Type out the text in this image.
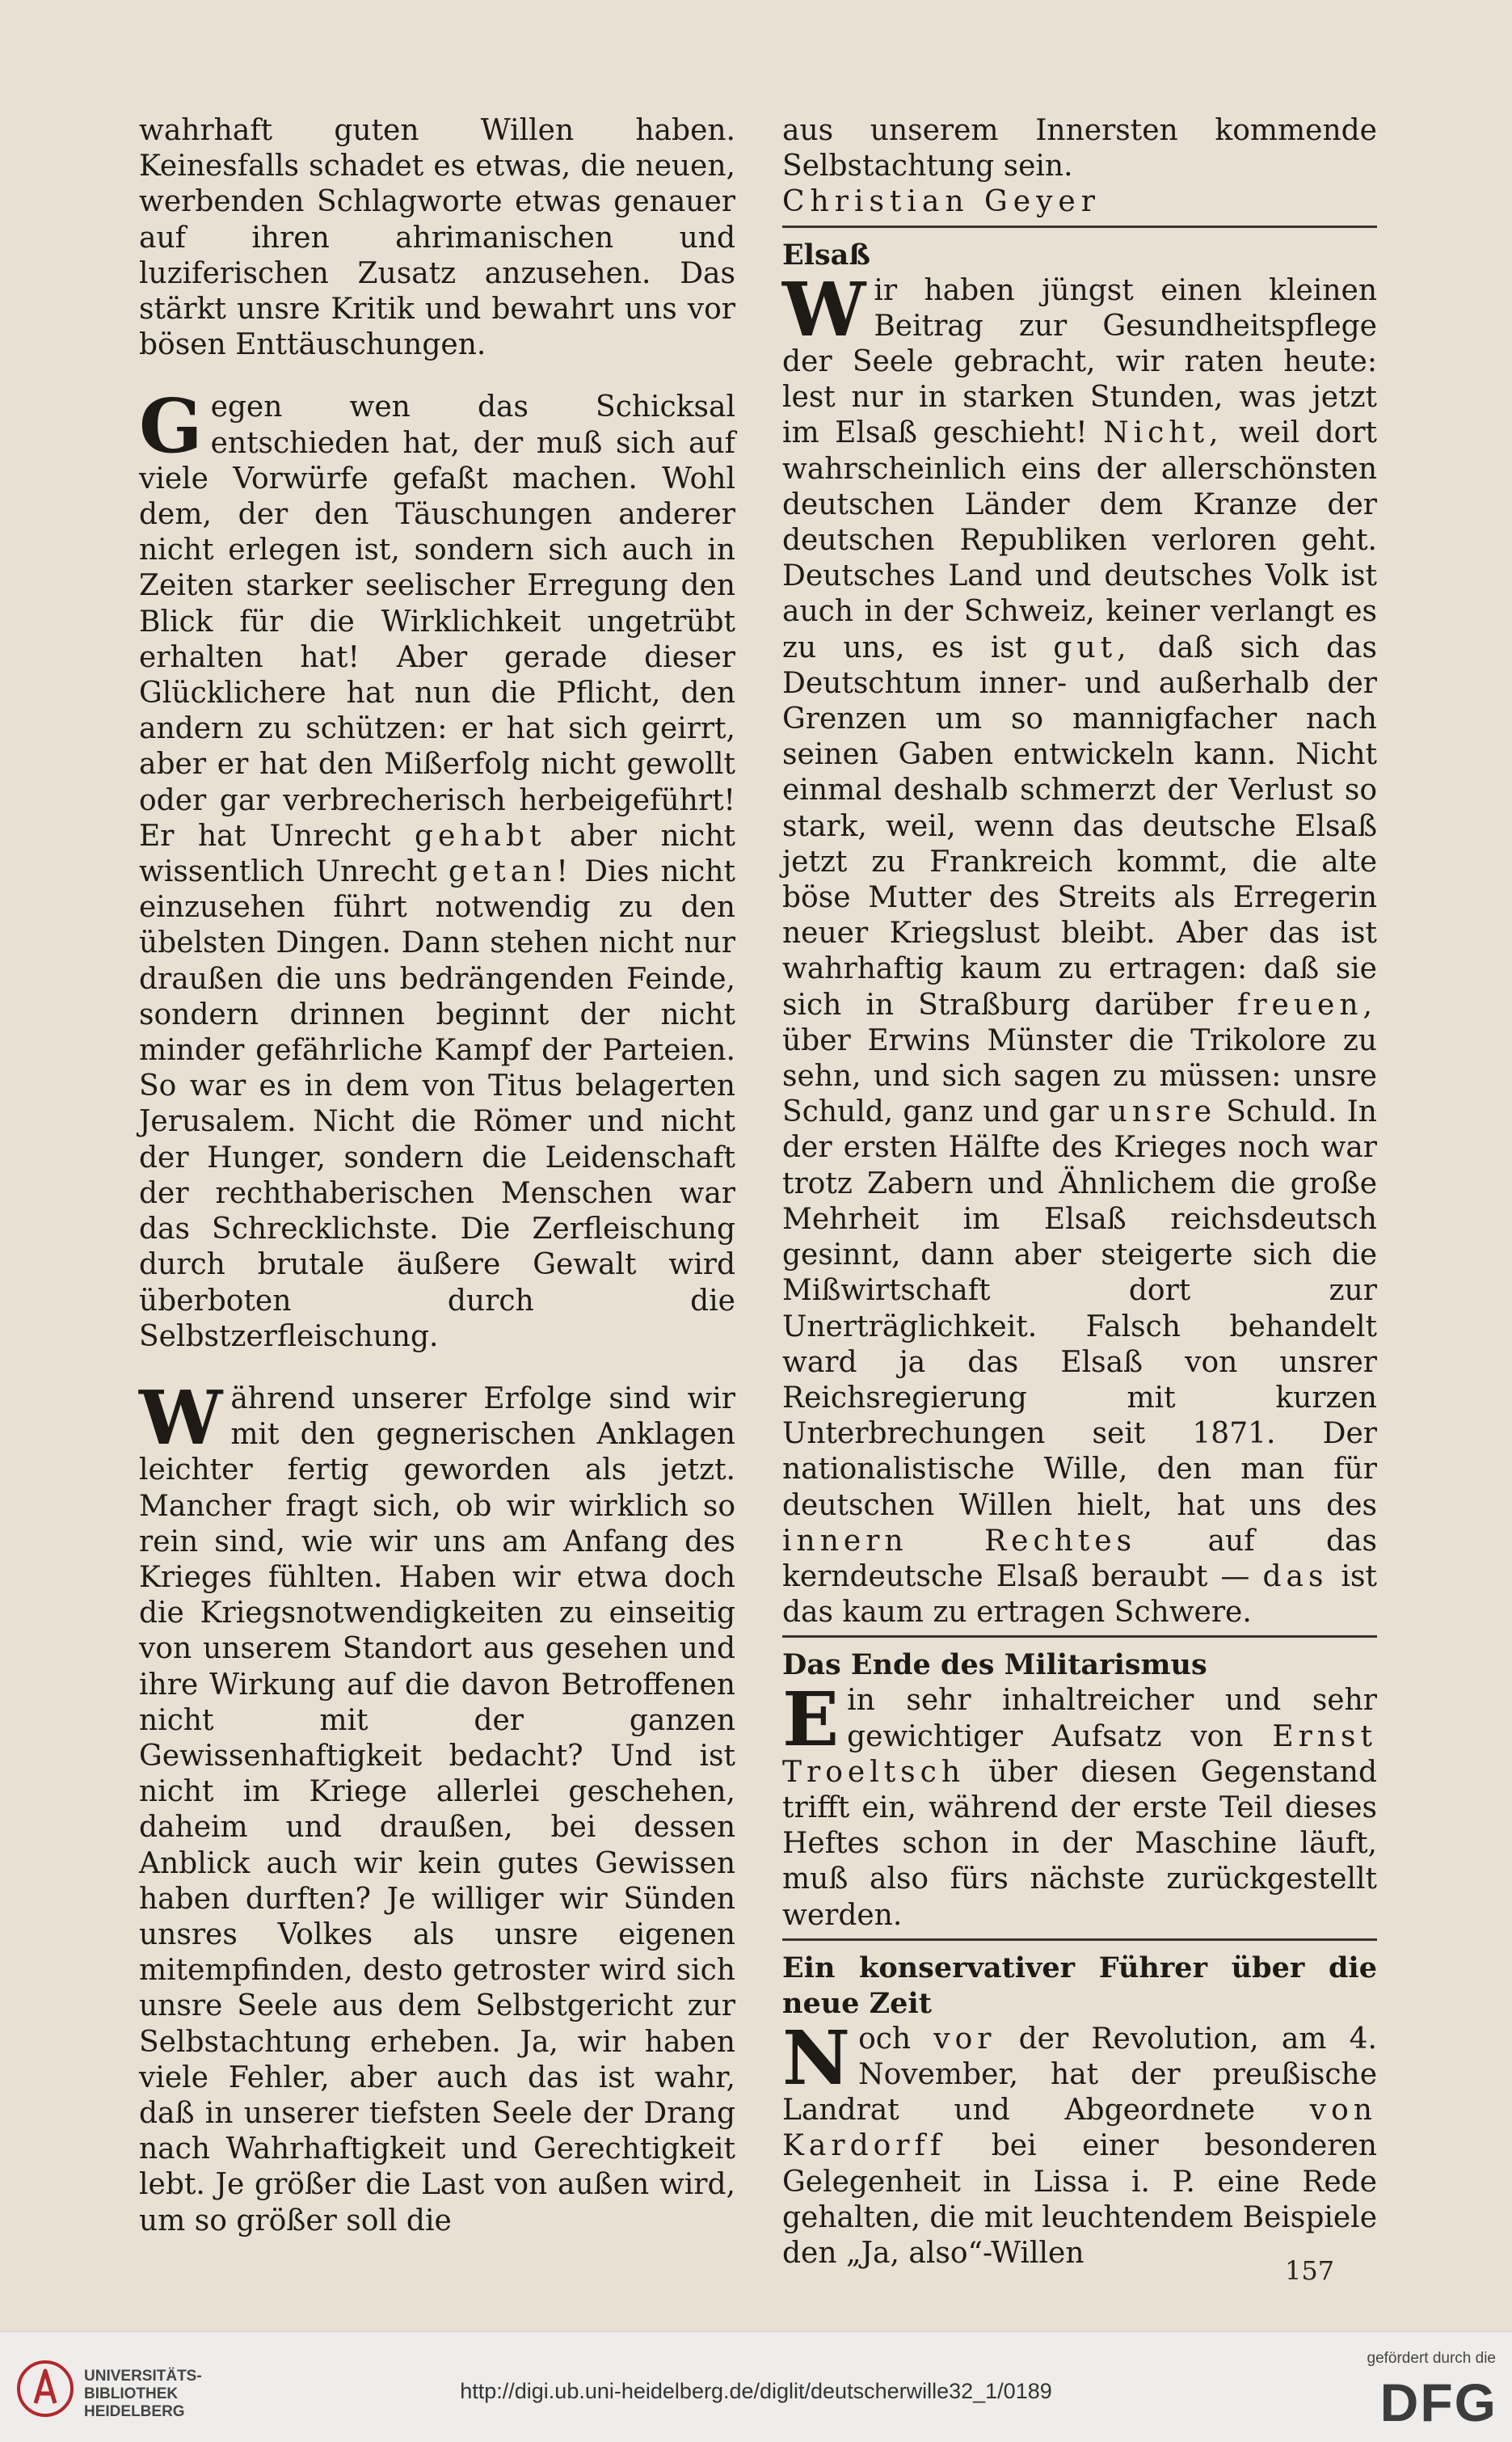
wahrhaft guten Willen haben. Keinesfalls schadet es etwas, die neuen, werbenden Schlagworte etwas genauer auf ihren ahrimanischen und luziferischen Zusatz anzusehen. Das stärkt unsre Kritik und bewahrt uns vor bösen Enttäuschungen.

Gegen wen das Schicksal entschieden hat, der muß sich auf viele Vorwürfe gefaßt machen. Wohl dem, der den Täuschungen anderer nicht erlegen ist, sondern sich auch in Zeiten starker seelischer Erregung den Blick für die Wirklichkeit ungetrübt erhalten hat! Aber gerade dieser Glücklichere hat nun die Pflicht, den andern zu schützen: er hat sich geirrt, aber er hat den Mißerfolg nicht gewollt oder gar verbrecherisch herbeigeführt! Er hat Unrecht gehabt aber nicht wissentlich Unrecht getan! Dies nicht einzusehen führt notwendig zu den übelsten Dingen. Dann stehen nicht nur draußen die uns bedrängenden Feinde, sondern drinnen beginnt der nicht minder gefährliche Kampf der Parteien. So war es in dem von Titus belagerten Jerusalem. Nicht die Römer und nicht der Hunger, sondern die Leidenschaft der rechthaberischen Menschen war das Schrecklichste. Die Zerfleischung durch brutale äußere Gewalt wird überboten durch die Selbstzerfleischung.

Während unserer Erfolge sind wir mit den gegnerischen Anklagen leichter fertig geworden als jetzt. Mancher fragt sich, ob wir wirklich so rein sind, wie wir uns am Anfang des Krieges fühlten. Haben wir etwa doch die Kriegsnotwendigkeiten zu einseitig von unserem Standort aus gesehen und ihre Wirkung auf die davon Betroffenen nicht mit der ganzen Gewissenhaftigkeit bedacht? Und ist nicht im Kriege allerlei geschehen, daheim und draußen, bei dessen Anblick auch wir kein gutes Gewissen haben durften? Je williger wir Sünden unsres Volkes als unsre eigenen mitempfinden, desto getroster wird sich unsre Seele aus dem Selbstgericht zur Selbstachtung erheben. Ja, wir haben viele Fehler, aber auch das ist wahr, daß in unserer tiefsten Seele der Drang nach Wahrhaftigkeit und Gerechtigkeit lebt. Je größer die Last von außen wird, um so größer soll die

aus unserem Innersten kommende Selbstachtung sein.

Christian Geyer

Elsaß

Wir haben jüngst einen kleinen Beitrag zur Gesundheitspflege der Seele gebracht, wir raten heute: lest nur in starken Stunden, was jetzt im Elsaß geschieht! Nicht, weil dort wahrscheinlich eins der allerschönsten deutschen Länder dem Kranze der deutschen Republiken verloren geht. Deutsches Land und deutsches Volk ist auch in der Schweiz, keiner verlangt es zu uns, es ist gut, daß sich das Deutschtum inner- und außerhalb der Grenzen um so mannigfacher nach seinen Gaben entwickeln kann. Nicht einmal deshalb schmerzt der Verlust so stark, weil, wenn das deutsche Elsaß jetzt zu Frankreich kommt, die alte böse Mutter des Streits als Erregerin neuer Kriegslust bleibt. Aber das ist wahrhaftig kaum zu ertragen: daß sie sich in Straßburg darüber freuen, über Erwins Münster die Trikolore zu sehn, und sich sagen zu müssen: unsre Schuld, ganz und gar unsre Schuld. In der ersten Hälfte des Krieges noch war trotz Zabern und Ähnlichem die große Mehrheit im Elsaß reichsdeutsch gesinnt, dann aber steigerte sich die Mißwirtschaft dort zur Unerträglichkeit. Falsch behandelt ward ja das Elsaß von unsrer Reichsregierung mit kurzen Unterbrechungen seit 1871. Der nationalistische Wille, den man für deutschen Willen hielt, hat uns des innern Rechtes auf das kerndeutsche Elsaß beraubt — das ist das kaum zu ertragen Schwere.

Das Ende des Militarismus

Ein sehr inhaltreicher und sehr gewichtiger Aufsatz von Ernst Troeltsch über diesen Gegenstand trifft ein, während der erste Teil dieses Heftes schon in der Maschine läuft, muß also fürs nächste zurückgestellt werden.

Ein konservativer Führer über die neue Zeit

Noch vor der Revolution, am 4. November, hat der preußische Landrat und Abgeordnete von Kardorff bei einer besonderen Gelegenheit in Lissa i. P. eine Rede gehalten, die mit leuchtendem Beispiele den „Ja, also“-Willen

157
UNIVERSITÄTS-
BIBLIOTHEK
HEIDELBERG
http://digi.ub.uni-heidelberg.de/diglit/deutscherwille32_1/0189
gefördert durch die
DFG
